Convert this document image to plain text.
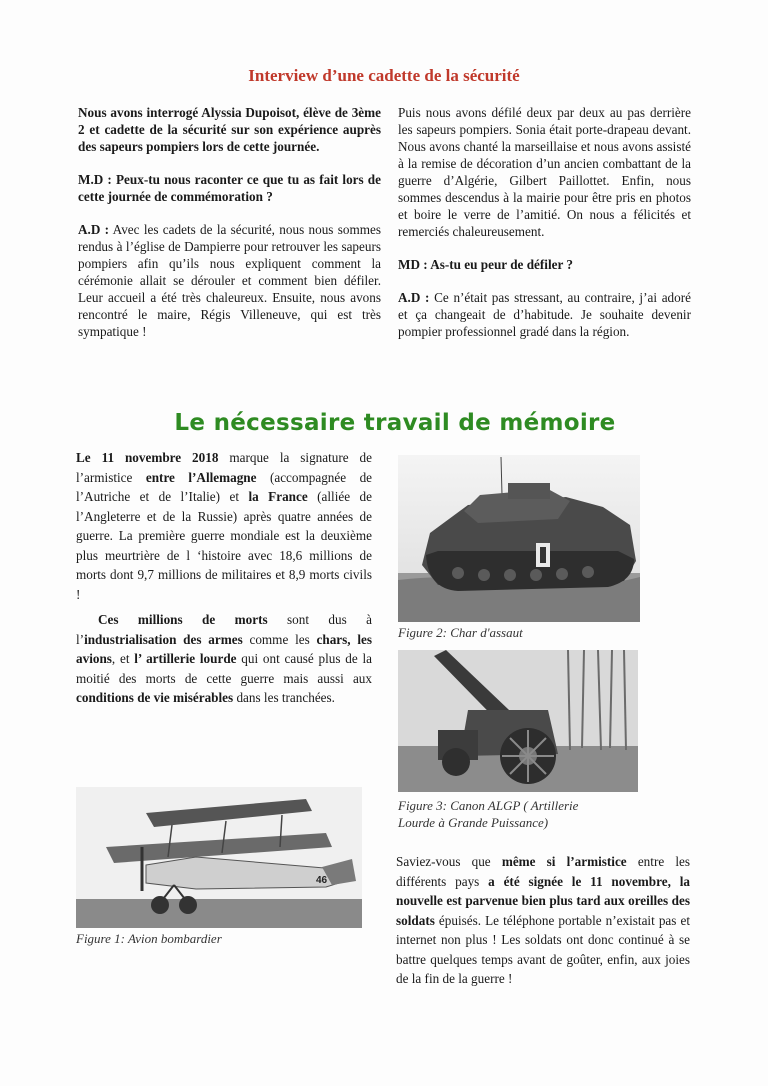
Interview d’une cadette de la sécurité

Nous avons interrogé Alyssia Dupoisot, élève de 3ème 2 et cadette de la sécurité sur son expérience auprès des sapeurs pompiers lors de cette journée.

M.D : Peux-tu nous raconter ce que tu as fait lors de cette journée de commémoration ?

A.D : Avec les cadets de la sécurité, nous nous sommes rendus à l’église de Dampierre pour retrouver les sapeurs pompiers afin qu’ils nous expliquent comment la cérémonie allait se dérouler et comment bien défiler. Leur accueil a été très chaleureux. Ensuite, nous avons rencontré le maire, Régis Villeneuve, qui est très sympatique !

Puis nous avons défilé deux par deux au pas derrière les sapeurs pompiers. Sonia était porte-drapeau devant. Nous avons chanté la marseillaise et nous avons assisté à la remise de décoration d’un ancien combattant de la guerre d’Algérie, Gilbert Paillottet. Enfin, nous sommes descendus à la mairie pour être pris en photos et boire le verre de l’amitié. On nous a félicités et remerciés chaleureusement.

MD : As-tu eu peur de défiler ?

A.D : Ce n’était pas stressant, au contraire, j’ai adoré et ça changeait de d’habitude. Je souhaite devenir pompier professionnel gradé dans la région.

Le nécessaire travail de mémoire

Le 11 novembre 2018 marque la signature de l’armistice entre l’Allemagne (accompagnée de l’Autriche et de l’Italie) et la France (alliée de l’Angleterre et de la Russie) après quatre années de guerre. La première guerre mondiale est la deuxième plus meurtrière de l ‘histoire avec 18,6 millions de morts dont 9,7 millions de militaires et 8,9 morts civils !

Ces millions de morts sont dus à l’industrialisation des armes comme les chars, les avions, et l’ artillerie lourde qui ont causé plus de la moitié des morts de cette guerre mais aussi aux conditions de vie misérables dans les tranchées.

Figure 2: Char d'assaut
Figure 3: Canon ALGP ( Artillerie Lourde à Grande Puissance)
46
Figure 1: Avion bombardier

Saviez-vous que même si l’armistice entre les différents pays a été signée le 11 novembre, la nouvelle est parvenue bien plus tard aux oreilles des soldats épuisés. Le téléphone portable n’existait pas et internet non plus ! Les soldats ont donc continué à se battre quelques temps avant de goûter, enfin, aux joies de la fin de la guerre !
